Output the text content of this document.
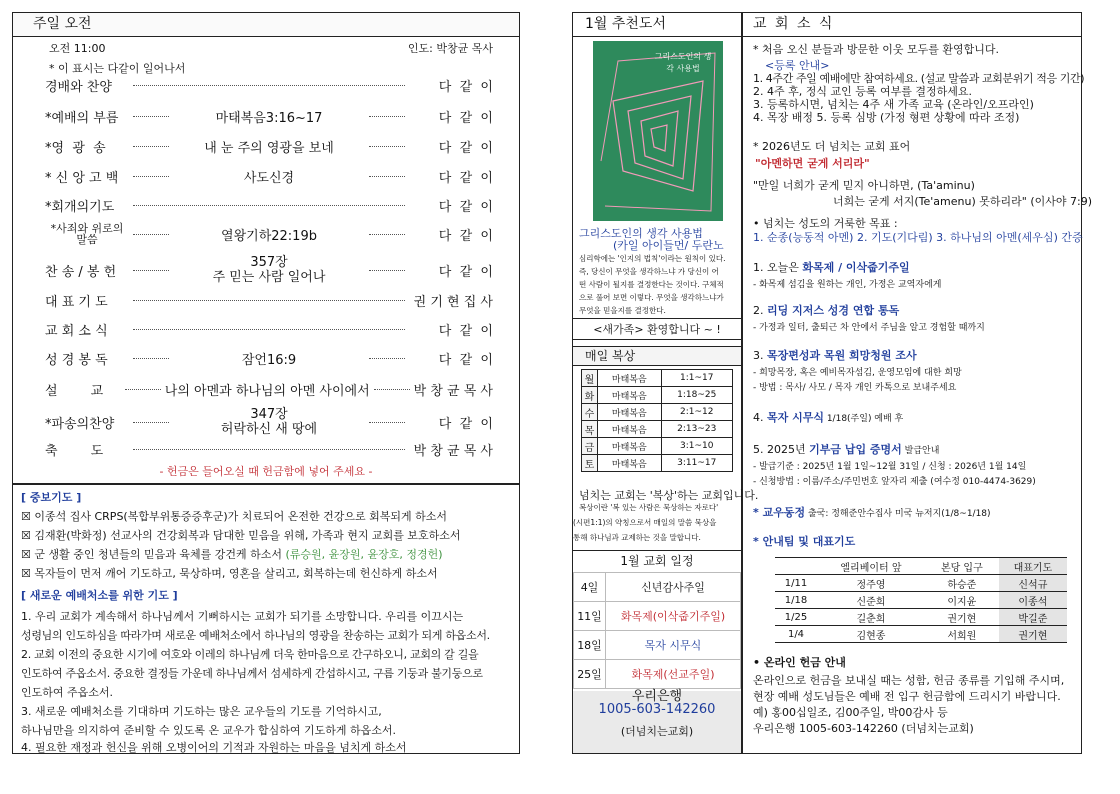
주일 오전
오전 11:00	인도: 박창균 목사
* 이 표시는 다같이 일어나서
경배와 찬양	다  같  이
*예배의 부름	마태복음3:16~17	다  같  이
*영  광  송	내 눈 주의 영광을 보네	다  같  이
* 신 앙 고 백	사도신경	다  같  이
*회개의기도	다  같  이
*사죄와 위로의
말씀	열왕기하22:19b	다  같  이
찬 송 / 봉 헌
357장
주 믿는 사람 일어나	다  같  이
대 표 기 도	권 기 현 집 사
교 회 소 식	다  같  이
성 경 봉 독	잠언16:9	다  같  이
설        교	나의 아멘과 하나님의 아멘 사이에서	박 창 균 목 사
*파송의찬양
347장
허락하신 새 땅에	다  같  이
축        도	박 창 균 목 사
- 헌금은 들어오실 때 헌금함에 넣어 주세요 -
[ 중보기도 ]
☒ 이종석 집사 CRPS(복합부위통증증후군)가 치료되어 온전한 건강으로 회복되게 하소서
☒ 김재환(박화정) 선교사의 건강회복과 담대한 믿음을 위해, 가족과 현지 교회를 보호하소서
☒ 군 생활 중인 청년들의 믿음과 육체를 강건케 하소서 (류승원, 윤장원, 윤장호, 정경헌)
☒ 목자들이 먼저 깨어 기도하고, 묵상하며, 영혼을 살리고, 회복하는데 헌신하게 하소서
[ 새로운 예배처소를 위한 기도 ]
1. 우리 교회가 계속해서 하나님께서 기뻐하시는 교회가 되기를 소망합니다. 우리를 이끄시는
성령님의 인도하심을 따라가며 새로운 예배처소에서 하나님의 영광을 찬송하는 교회가 되게 하옵소서.
2. 교회 이전의 중요한 시기에 여호와 이레의 하나님께 더욱 한마음으로 간구하오니, 교회의 갈 길을
인도하여 주옵소서. 중요한 결정들 가운데 하나님께서 섬세하게 간섭하시고, 구름 기둥과 불기둥으로
인도하여 주옵소서.
3. 새로운 예배처소를 기대하며 기도하는 많은 교우들의 기도를 기억하시고,
하나님만을 의지하여 준비할 수 있도록 온 교우가 합심하여 기도하게 하옵소서.
4. 필요한 재정과 헌신을 위해 오병이어의 기적과 자원하는 마음을 넘치게 하소서
1월 추천도서
그리스도인의 생각 사용법
그리스도인의 생각 사용법
(카일 아이들먼/ 두란노
심리학에는 '인지의 법칙'이라는 원칙이 있다.
즉, 당신이 무엇을 생각하느냐 가 당신이 어
떤 사람이 될지를 결정한다는 것이다. 구체적
으로 풀어 보면 이렇다. 무엇을 생각하느냐가
무엇을 믿을지를 결정한다.
<새가족> 환영합니다 ~ !
매일 복상
월	마태복음	1:1~17
화	마태복음	1:18~25
수	마태복음	2:1~12
목	마태복음	2:13~23
금	마태복음	3:1~10
토	마태복음	3:11~17
넘치는 교회는 '복상'하는 교회입니다.
복상이란 '복 있는 사람은 묵상하는 자로다'
(시편1:1)의 약칭으로서 매일의 말씀 묵상을
통해 하나님과 교제하는 것을 말합니다.
1월 교회 일정
4일	신년감사주일
11일	화목제(이삭줍기주일)
18일	목자 시무식
25일	화목제(선교주일)
우리은행
1005-603-142260
(더넘치는교회)
교 회 소 식
* 처음 오신 분들과 방문한 이웃 모두를 환영합니다.
<등록 안내>
1. 4주간 주일 예배에만 참여하세요. (설교 말씀과 교회분위기 적응 기간)
2. 4주 후, 정식 교인 등록 여부를 결정하세요.
3. 등록하시면, 넘치는 4주 새 가족 교육 (온라인/오프라인)
4. 목장 배정 5. 등록 심방 (가정 형편 상황에 따라 조정)
* 2026년도 더 넘치는 교회 표어
"아멘하면 굳게 서리라"
"만일 너희가 굳게 믿지 아니하면, (Ta'aminu)
너희는 굳게 서지(Te'amenu) 못하리라" (이사야 7:9)
• 넘치는 성도의 거룩한 목표 :
1. 순종(능동적 아멘) 2. 기도(기다림) 3. 하나님의 아멘(세우심) 간증
1. 오늘은 화목제 / 이삭줍기주일
- 화목제 섬김을 원하는 개인, 가정은 교역자에게
2. 리딩 지저스 성경 연합 통독
- 가정과 일터, 출퇴근 차 안에서 주님을 알고 경험할 때까지
3. 목장편성과 목원 희망청원 조사
- 희망목장, 혹은 예비목자섬김, 운영모임에 대한 희망
- 방법 : 목사/ 사모 / 목자 개인 카톡으로 보내주세요
4. 목자 시무식 1/18(주일) 예배 후
5. 2025년 기부금 납입 증명서 발급안내
- 발급기준 : 2025년 1월 1일~12월 31일 / 신청 : 2026년 1월 14일
- 신청방법 : 이름/주소/주민번호 앞자리 제출 (여수정 010-4474-3629)
* 교우동정 출국: 정해준안수집사 미국 뉴저지(1/8~1/18)
* 안내팀 및 대표기도
	엘리베이터 앞	본당 입구	대표기도
1/11	정주영	하승준	신석규
1/18	신준희	이지윤	이종석
1/25	길춘희	권기현	박길준
1/4	김현종	서희원	권기현
• 온라인 헌금 안내
온라인으로 헌금을 보내실 때는 성함, 헌금 종류를 기입해 주시며,
현장 예배 성도님들은 예배 전 입구 헌금함에 드리시기 바랍니다.
예) 홍00십일조, 김00주일, 박00감사 등
우리은행 1005-603-142260 (더넘치는교회)
